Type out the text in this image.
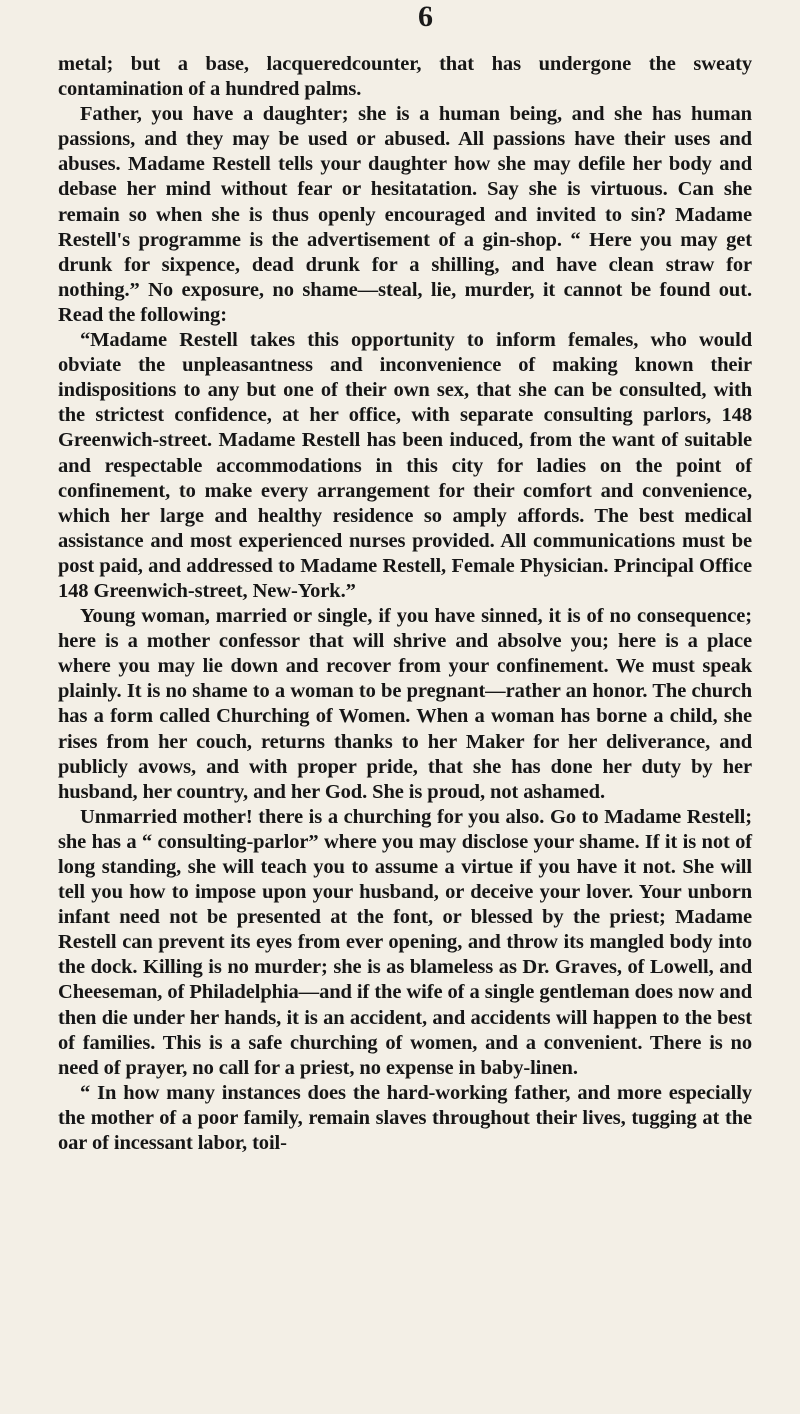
6

metal; but a base, lacqueredcounter, that has undergone the sweaty contamination of a hundred palms.

Father, you have a daughter; she is a human being, and she has human passions, and they may be used or abused. All passions have their uses and abuses. Madame Restell tells your daughter how she may defile her body and debase her mind without fear or hesitatation. Say she is virtuous. Can she remain so when she is thus openly encouraged and invited to sin? Madame Restell's programme is the advertisement of a gin-shop. “ Here you may get drunk for sixpence, dead drunk for a shilling, and have clean straw for nothing.” No exposure, no shame—steal, lie, murder, it cannot be found out. Read the following:

“Madame Restell takes this opportunity to inform females, who would obviate the unpleasantness and inconvenience of making known their indispositions to any but one of their own sex, that she can be consulted, with the strictest confidence, at her office, with separate consulting parlors, 148 Greenwich-street. Madame Restell has been induced, from the want of suitable and respectable accommodations in this city for ladies on the point of confinement, to make every arrangement for their comfort and convenience, which her large and healthy residence so amply affords. The best medical assistance and most experienced nurses provided. All communications must be post paid, and addressed to Madame Restell, Female Physician. Principal Office 148 Greenwich-street, New-York.”

Young woman, married or single, if you have sinned, it is of no consequence; here is a mother confessor that will shrive and absolve you; here is a place where you may lie down and recover from your confinement. We must speak plainly. It is no shame to a woman to be pregnant—rather an honor. The church has a form called Churching of Women. When a woman has borne a child, she rises from her couch, returns thanks to her Maker for her deliverance, and publicly avows, and with proper pride, that she has done her duty by her husband, her country, and her God. She is proud, not ashamed.

Unmarried mother! there is a churching for you also. Go to Madame Restell; she has a “ consulting-parlor” where you may disclose your shame. If it is not of long standing, she will teach you to assume a virtue if you have it not. She will tell you how to impose upon your husband, or deceive your lover. Your unborn infant need not be presented at the font, or blessed by the priest; Madame Restell can prevent its eyes from ever opening, and throw its mangled body into the dock. Killing is no murder; she is as blameless as Dr. Graves, of Lowell, and Cheeseman, of Philadelphia—and if the wife of a single gentleman does now and then die under her hands, it is an accident, and accidents will happen to the best of families. This is a safe churching of women, and a convenient. There is no need of prayer, no call for a priest, no expense in baby-linen.

“ In how many instances does the hard-working father, and more especially the mother of a poor family, remain slaves throughout their lives, tugging at the oar of incessant labor, toil-
